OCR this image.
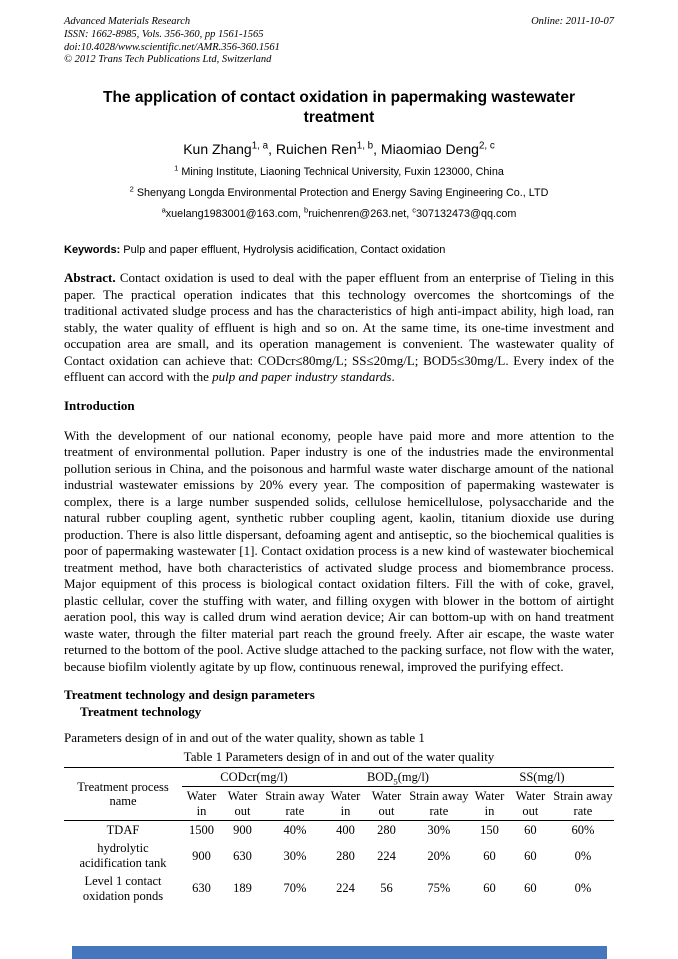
Advanced Materials Research	Online: 2011-10-07
ISSN: 1662-8985, Vols. 356-360, pp 1561-1565
doi:10.4028/www.scientific.net/AMR.356-360.1561
© 2012 Trans Tech Publications Ltd, Switzerland
The application of contact oxidation in papermaking wastewater treatment
Kun Zhang$^{1, a}$, Ruichen Ren$^{1, b}$, Miaomiao Deng$^{2, c}$
$^1$ Mining Institute, Liaoning Technical University, Fuxin 123000, China
$^2$ Shenyang Longda Environmental Protection and Energy Saving Engineering Co., LTD
$^a$xuelang1983001@163.com, $^b$ruichenren@263.net, $^c$307132473@qq.com
Keywords: Pulp and paper effluent, Hydrolysis acidification, Contact oxidation
Abstract. Contact oxidation is used to deal with the paper effluent from an enterprise of Tieling in this paper. The practical operation indicates that this technology overcomes the shortcomings of the traditional activated sludge process and has the characteristics of high anti-impact ability, high load, ran stably, the water quality of effluent is high and so on. At the same time, its one-time investment and occupation area are small, and its operation management is convenient. The wastewater quality of Contact oxidation can achieve that: CODcr≤80mg/L; SS≤20mg/L; BOD5≤30mg/L. Every index of the effluent can accord with the pulp and paper industry standards.
Introduction
With the development of our national economy, people have paid more and more attention to the treatment of environmental pollution. Paper industry is one of the industries made the environmental pollution serious in China, and the poisonous and harmful waste water discharge amount of the national industrial wastewater emissions by 20% every year. The composition of papermaking wastewater is complex, there is a large number suspended solids, cellulose hemicellulose, polysaccharide and the natural rubber coupling agent, synthetic rubber coupling agent, kaolin, titanium dioxide use during production. There is also little dispersant, defoaming agent and antiseptic, so the biochemical qualities is poor of papermaking wastewater [1]. Contact oxidation process is a new kind of wastewater biochemical treatment method, have both characteristics of activated sludge process and biomembrance process. Major equipment of this process is biological contact oxidation filters. Fill the with of coke, gravel, plastic cellular, cover the stuffing with water, and filling oxygen with blower in the bottom of airtight aeration pool, this way is called drum wind aeration device; Air can bottom-up with on hand treatment waste water, through the filter material part reach the ground freely. After air escape, the waste water returned to the bottom of the pool. Active sludge attached to the packing surface, not flow with the water, because biofilm violently agitate by up flow, continuous renewal, improved the purifying effect.
Treatment technology and design parameters
Treatment technology
Parameters design of in and out of the water quality, shown as table 1
Table 1 Parameters design of in and out of the water quality
Treatment process name	CODcr(mg/l)			$BOD_5(mg/l)$			SS(mg/l)		
	Water in	Water out	Strain away rate	Water in	Water out	Strain away rate	Water in	Water out	Strain away rate
TDAF	1500	900	40%	400	280	30%	150	60	60%
hydrolytic acidification tank	900	630	30%	280	224	20%	60	60	0%
Level 1 contact oxidation ponds	630	189	70%	224	56	75%	60	60	0%
